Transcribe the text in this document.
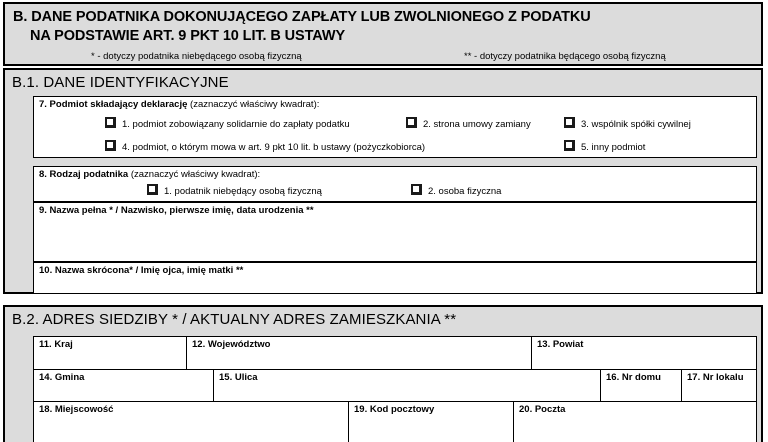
B. DANE PODATNIKA DOKONUJĄCEGO ZAPŁATY LUB ZWOLNIONEGO Z PODATKU
NA PODSTAWIE ART. 9 PKT 10 LIT. B USTAWY
* - dotyczy podatnika niebędącego osobą fizyczną	** - dotyczy podatnika będącego osobą fizyczną
B.1. DANE IDENTYFIKACYJNE
7. Podmiot składający deklarację (zaznaczyć właściwy kwadrat):
1. podmiot zobowiązany solidarnie do zapłaty podatku	2. strona umowy zamiany	3. wspólnik spółki cywilnej
4. podmiot, o którym mowa w art. 9 pkt 10 lit. b ustawy (pożyczkobiorca)	5. inny podmiot
8. Rodzaj podatnika (zaznaczyć właściwy kwadrat):
1. podatnik niebędący osobą fizyczną	2. osoba fizyczna
9. Nazwa pełna * / Nazwisko, pierwsze imię, data urodzenia **
10. Nazwa skrócona* / Imię ojca, imię matki **
B.2. ADRES SIEDZIBY * / AKTUALNY ADRES ZAMIESZKANIA **
11. Kraj	12. Województwo	13. Powiat
14. Gmina	15. Ulica	16. Nr domu	17. Nr lokalu
18. Miejscowość	19. Kod pocztowy	20. Poczta
